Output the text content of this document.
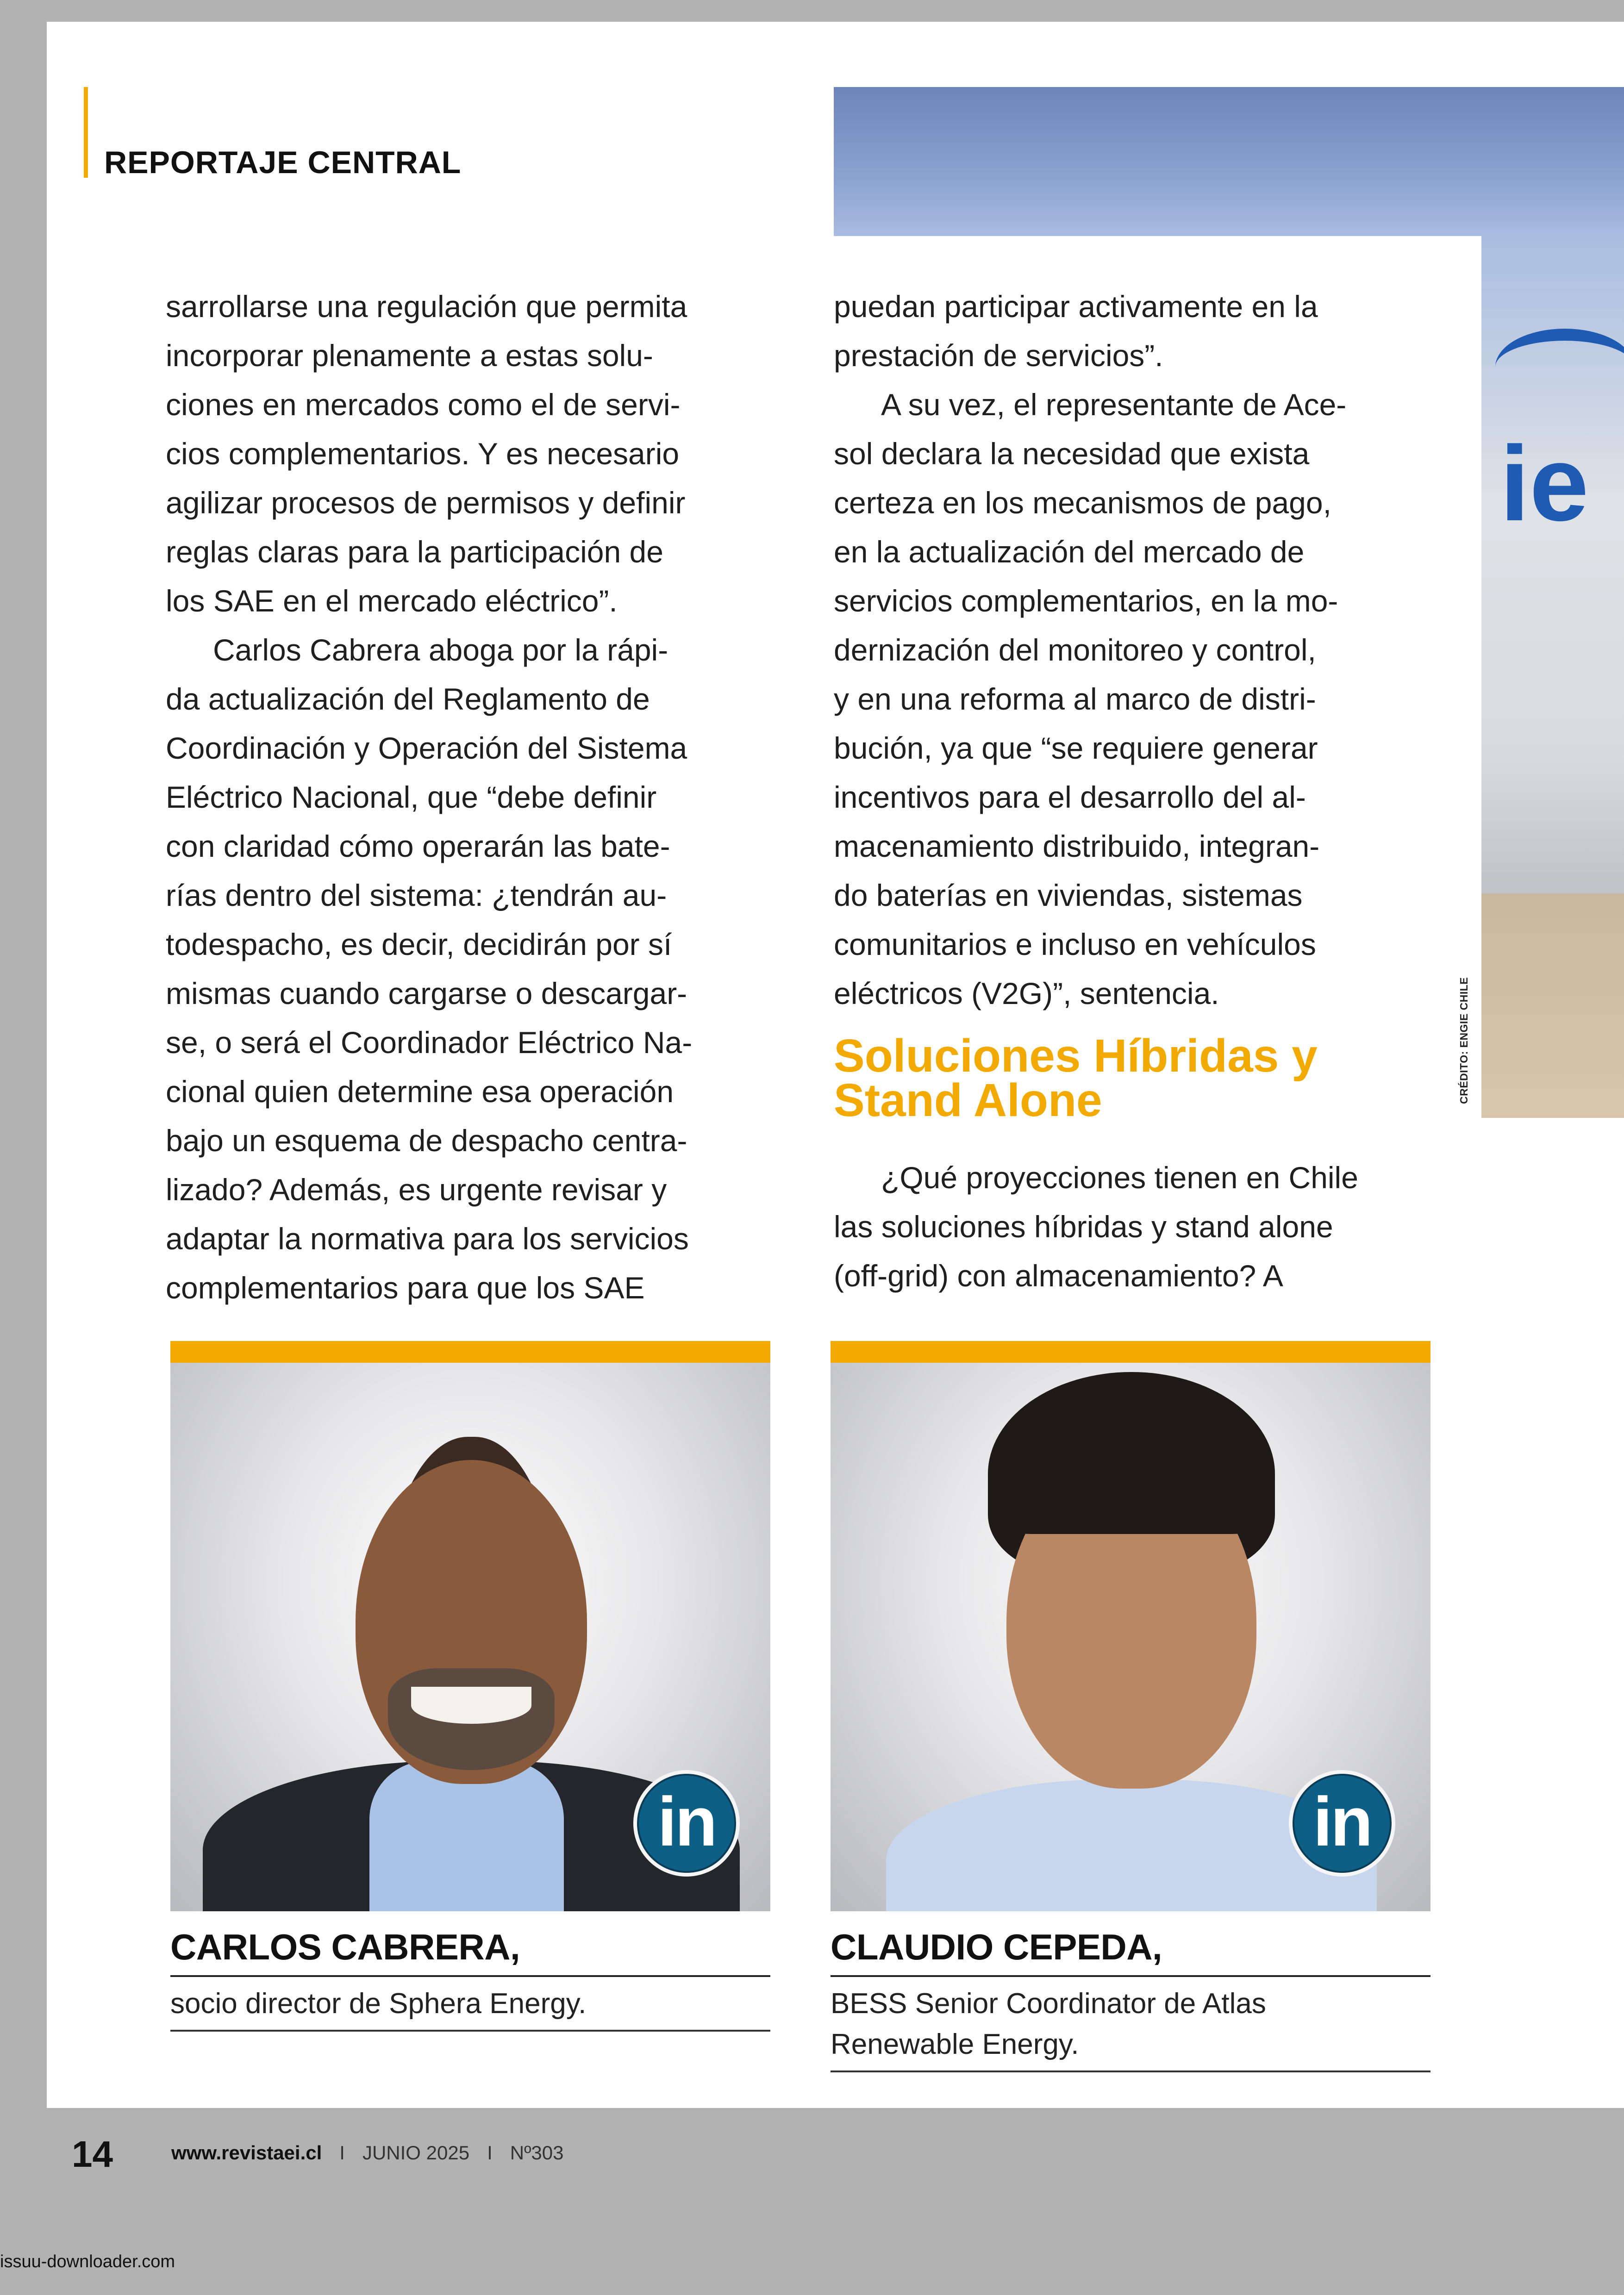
REPORTAJE CENTRAL
ie
CRÉDITO: ENGIE CHILE
sarrollarse una regulación que permita
incorporar plenamente a estas solu-
ciones en mercados como el de servi-
cios complementarios. Y es necesario
agilizar procesos de permisos y definir
reglas claras para la participación de
los SAE en el mercado eléctrico”.
Carlos Cabrera aboga por la rápi-
da actualización del Reglamento de
Coordinación y Operación del Sistema
Eléctrico Nacional, que “debe definir
con claridad cómo operarán las bate-
rías dentro del sistema: ¿tendrán au-
todespacho, es decir, decidirán por sí
mismas cuando cargarse o descargar-
se, o será el Coordinador Eléctrico Na-
cional quien determine esa operación
bajo un esquema de despacho centra-
lizado? Además, es urgente revisar y
adaptar la normativa para los servicios
complementarios para que los SAE
puedan participar activamente en la
prestación de servicios”.
A su vez, el representante de Ace-
sol declara la necesidad que exista
certeza en los mecanismos de pago,
en la actualización del mercado de
servicios complementarios, en la mo-
dernización del monitoreo y control,
y en una reforma al marco de distri-
bución, ya que “se requiere generar
incentivos para el desarrollo del al-
macenamiento distribuido, integran-
do baterías en viviendas, sistemas
comunitarios e incluso en vehículos
eléctricos (V2G)”, sentencia.
Soluciones Híbridas y
Stand Alone
¿Qué proyecciones tienen en Chile
las soluciones híbridas y stand alone
(off-grid) con almacenamiento? A
in
CARLOS CABRERA,
socio director de Sphera Energy.
in
CLAUDIO CEPEDA,
BESS Senior Coordinator de Atlas
Renewable Energy.
14	www.revistaei.cl I JUNIO 2025 I Nº303
issuu-downloader.com
